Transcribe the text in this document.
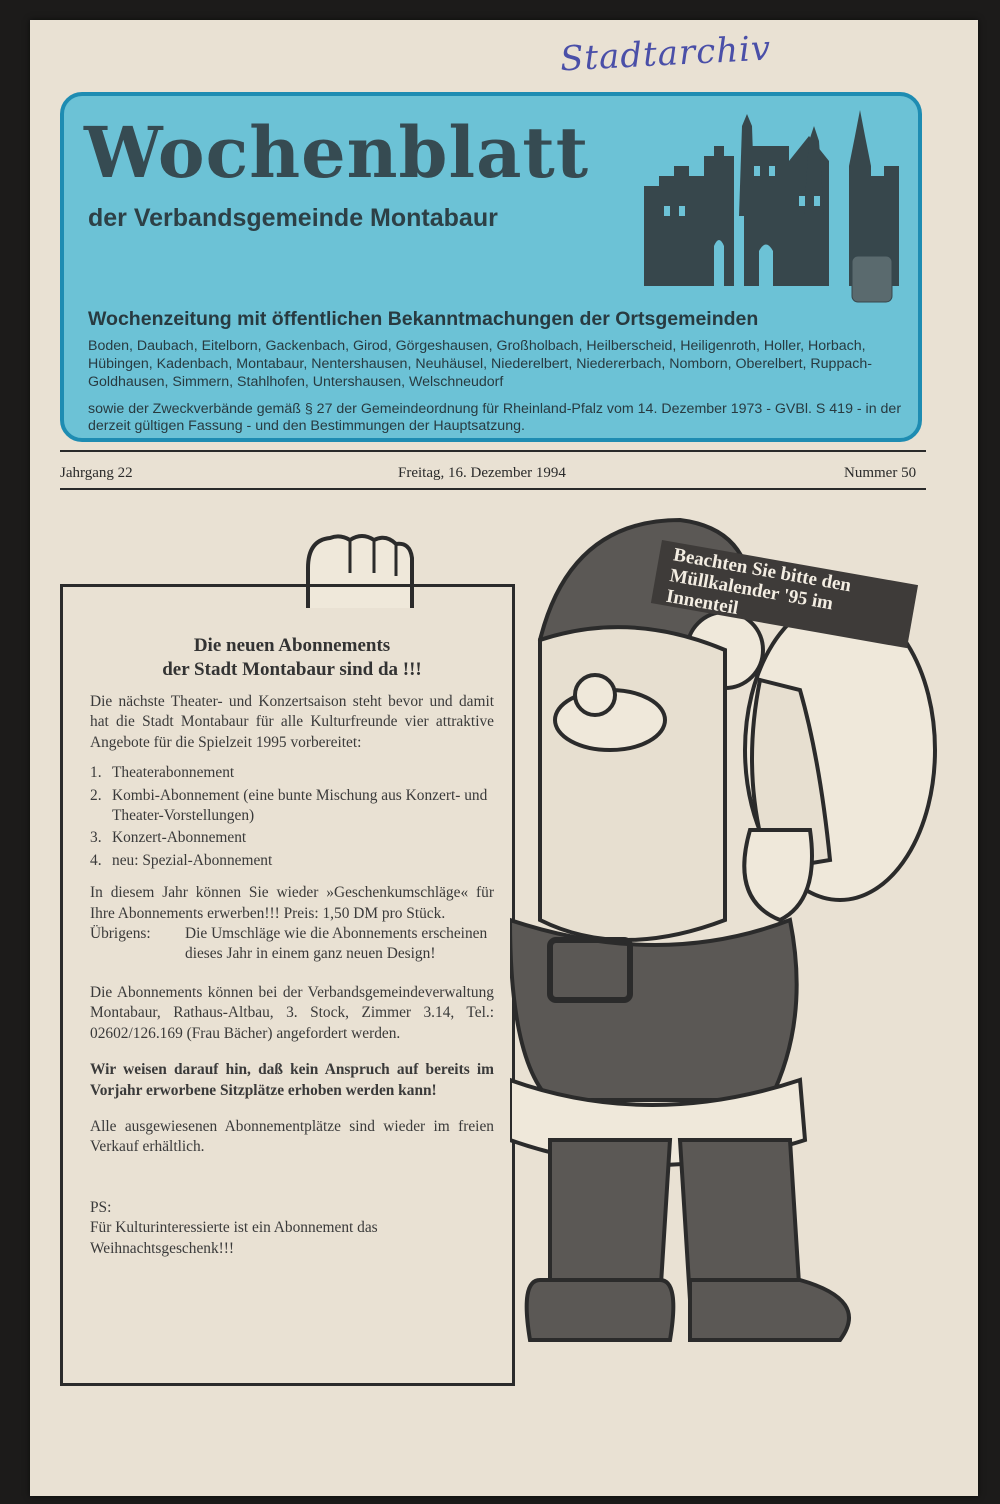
Stadtarchiv
Wochenblatt

der Verbandsgemeinde Montabaur

Wochenzeitung mit öffentlichen Bekanntmachungen der Ortsgemeinden

Boden, Daubach, Eitelborn, Gackenbach, Girod, Görgeshausen, Großholbach, Heilberscheid, Heiligenroth, Holler, Horbach, Hübingen, Kadenbach, Montabaur, Nentershausen, Neuhäusel, Niederelbert, Niedererbach, Nomborn, Oberelbert, Ruppach-Goldhausen, Simmern, Stahlhofen, Untershausen, Welschneudorf

sowie der Zweckverbände gemäß § 27 der Gemeindeordnung für Rheinland-Pfalz vom 14. Dezember 1973 - GVBl. S 419 - in der derzeit gültigen Fassung - und den Bestimmungen der Hauptsatzung.

Jahrgang 22	Freitag, 16. Dezember 1994	Nummer 50
Die neuen Abonnements
der Stadt Montabaur sind da !!!

Die nächste Theater- und Konzertsaison steht bevor und damit hat die Stadt Montabaur für alle Kulturfreunde vier attraktive Angebote für die Spielzeit 1995 vorbereitet:

1. Theaterabonnement
2. Kombi-Abonnement (eine bunte Mischung aus Konzert- und Theater-Vorstellungen)
3. Konzert-Abonnement
4. neu: Spezial-Abonnement

In diesem Jahr können Sie wieder »Geschenkumschläge« für Ihre Abonnements erwerben!!! Preis: 1,50 DM pro Stück.

Übrigens:	Die Umschläge wie die Abonnements erscheinen dieses Jahr in einem ganz neuen Design!

Die Abonnements können bei der Verbandsgemeindeverwaltung Montabaur, Rathaus-Altbau, 3. Stock, Zimmer 3.14, Tel.: 02602/126.169 (Frau Bächer) angefordert werden.

Wir weisen darauf hin, daß kein Anspruch auf bereits im Vorjahr erworbene Sitzplätze erhoben werden kann!

Alle ausgewiesenen Abonnementplätze sind wieder im freien Verkauf erhältlich.

PS:
Für Kulturinteressierte ist ein Abonnement das Weihnachtsgeschenk!!!
Beachten Sie bitte den Müllkalender '95 im Innenteil
